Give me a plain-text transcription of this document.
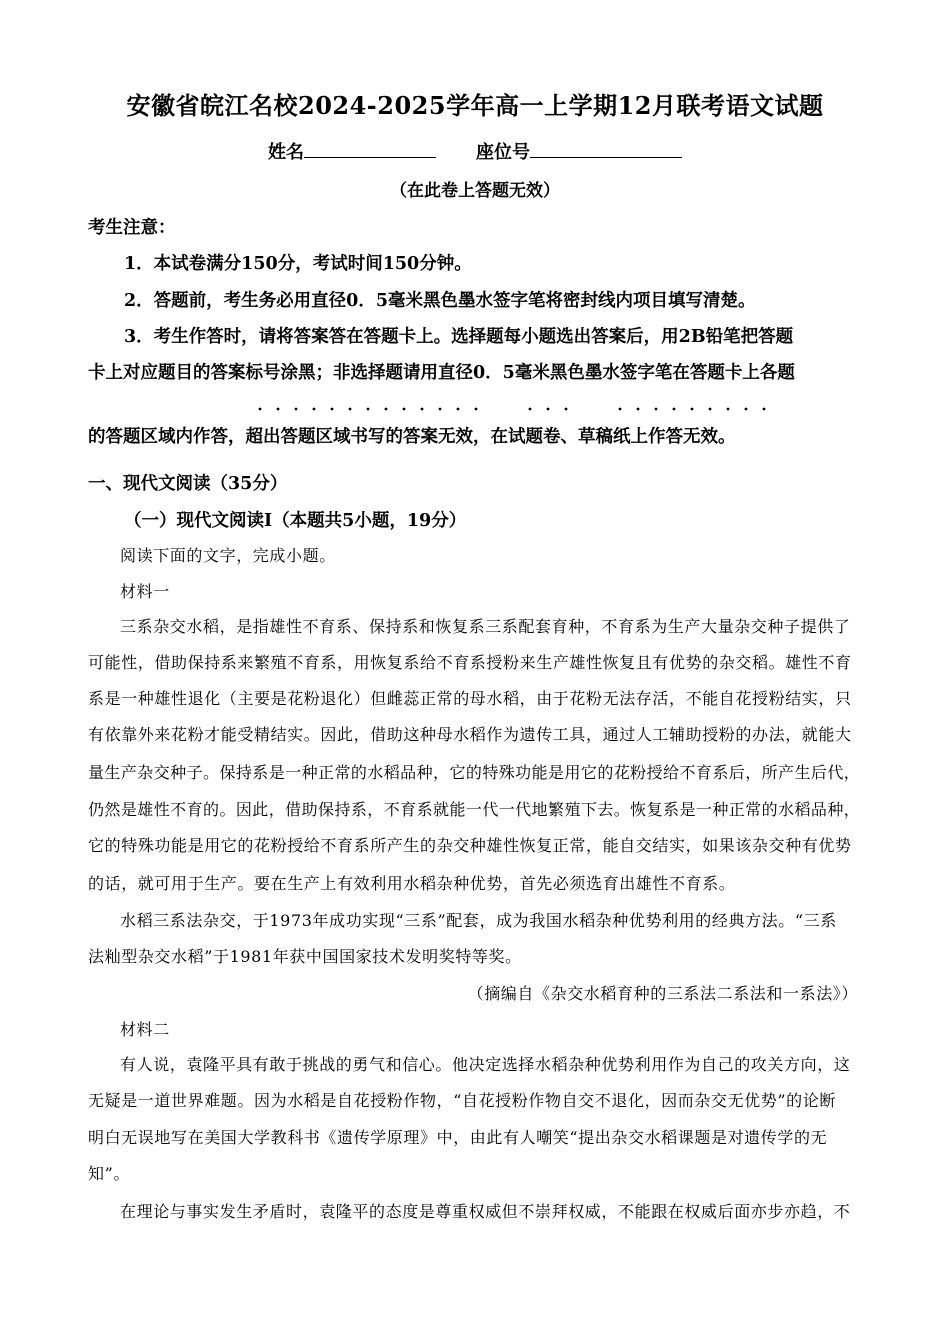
安徽省皖江名校2024-2025学年高一上学期12月联考语文试题
姓名	座位号
（在此卷上答题无效）
考生注意：
1．本试卷满分150分，考试时间150分钟。
2．答题前，考生务必用直径0．5毫米黑色墨水签字笔将密封线内项目填写清楚。
3．考生作答时，请将答案答在答题卡上。选择题每小题选出答案后，用2B铅笔把答题
卡上对应题目的答案标号涂黑；非选择题请用直径0．5毫米黑色墨水签字笔在答题卡上各题
的答题区域内作答，超出答题区域书写的答案无效，在试题卷、草稿纸上作答无效。
一、现代文阅读（35分）
（一）现代文阅读Ⅰ（本题共5小题，19分）
阅读下面的文字，完成小题。
材料一
三系杂交水稻，是指雄性不育系、保持系和恢复系三系配套育种，不育系为生产大量杂交种子提供了
可能性，借助保持系来繁殖不育系，用恢复系给不育系授粉来生产雄性恢复且有优势的杂交稻。雄性不育
系是一种雄性退化（主要是花粉退化）但雌蕊正常的母水稻，由于花粉无法存活，不能自花授粉结实，只
有依靠外来花粉才能受精结实。因此，借助这种母水稻作为遗传工具，通过人工辅助授粉的办法，就能大
量生产杂交种子。保持系是一种正常的水稻品种，它的特殊功能是用它的花粉授给不育系后，所产生后代，
仍然是雄性不育的。因此，借助保持系，不育系就能一代一代地繁殖下去。恢复系是一种正常的水稻品种，
它的特殊功能是用它的花粉授给不育系所产生的杂交种雄性恢复正常，能自交结实，如果该杂交种有优势
的话，就可用于生产。要在生产上有效利用水稻杂种优势，首先必须选育出雄性不育系。
水稻三系法杂交，于1973年成功实现“三系”配套，成为我国水稻杂种优势利用的经典方法。“三系
法籼型杂交水稻”于1981年获中国国家技术发明奖特等奖。
（摘编自《杂交水稻育种的三系法二系法和一系法》）
材料二
有人说，袁隆平具有敢于挑战的勇气和信心。他决定选择水稻杂种优势利用作为自己的攻关方向，这
无疑是一道世界难题。因为水稻是自花授粉作物，“自花授粉作物自交不退化，因而杂交无优势”的论断
明白无误地写在美国大学教科书《遗传学原理》中，由此有人嘲笑“提出杂交水稻课题是对遗传学的无
知”。
在理论与事实发生矛盾时，袁隆平的态度是尊重权威但不崇拜权威，不能跟在权威后面亦步亦趋，不
